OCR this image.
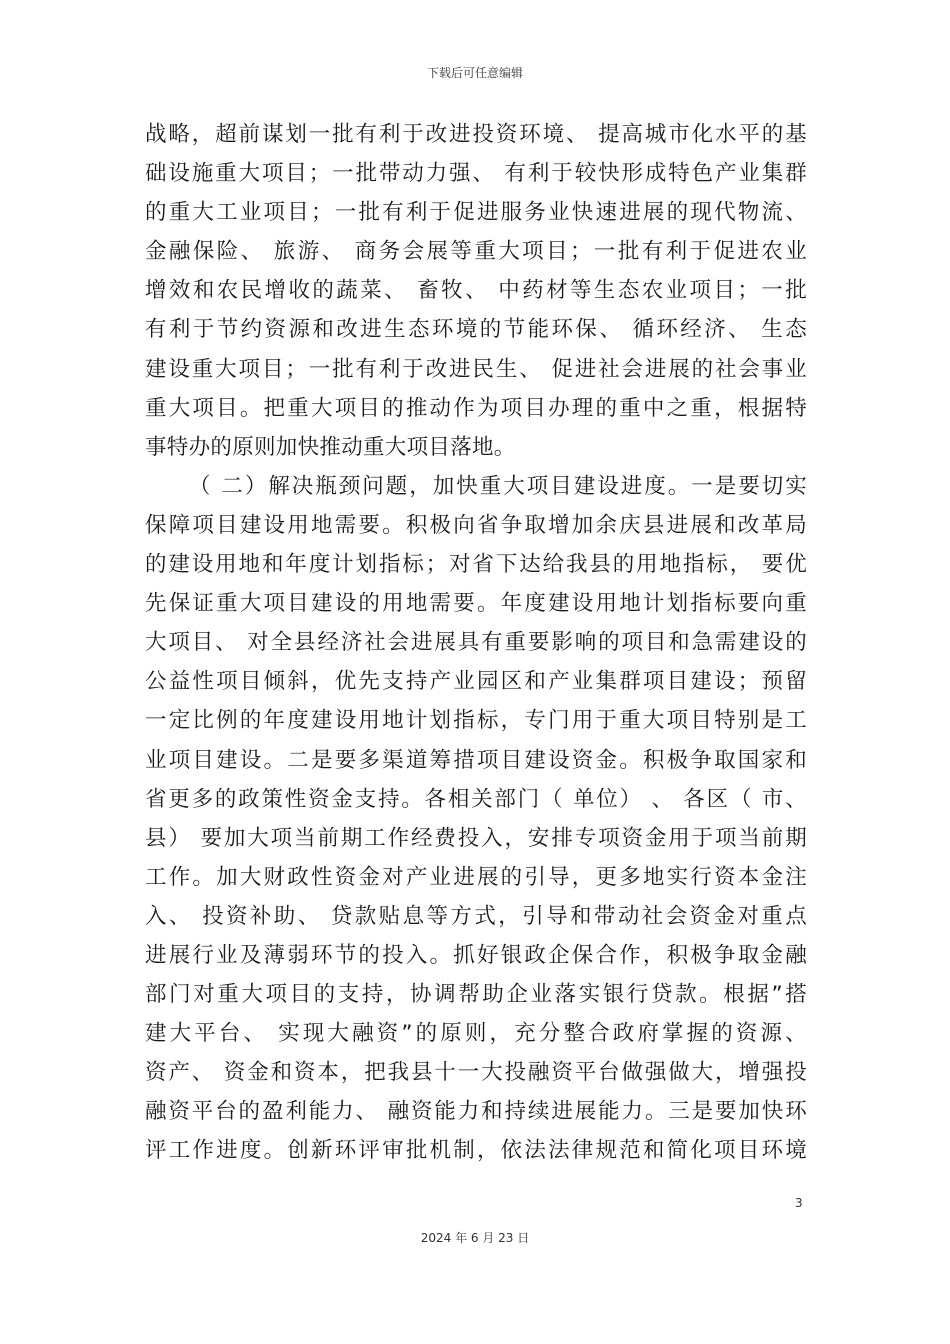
下载后可任意编辑
战略，超前谋划一批有利于改进投资环境、 提高城市化水平的基
础设施重大项目；一批带动力强、 有利于较快形成特色产业集群
的重大工业项目；一批有利于促进服务业快速进展的现代物流、
金融保险、 旅游、 商务会展等重大项目；一批有利于促进农业
增效和农民增收的蔬菜、 畜牧、 中药材等生态农业项目；一批
有利于节约资源和改进生态环境的节能环保、 循环经济、 生态
建设重大项目；一批有利于改进民生、 促进社会进展的社会事业
重大项目。把重大项目的推动作为项目办理的重中之重，根据特
事特办的原则加快推动重大项目落地。
（ 二）解决瓶颈问题，加快重大项目建设进度。一是要切实
保障项目建设用地需要。积极向省争取增加余庆县进展和改革局
的建设用地和年度计划指标；对省下达给我县的用地指标， 要优
先保证重大项目建设的用地需要。年度建设用地计划指标要向重
大项目、 对全县经济社会进展具有重要影响的项目和急需建设的
公益性项目倾斜，优先支持产业园区和产业集群项目建设；预留
一定比例的年度建设用地计划指标，专门用于重大项目特别是工
业项目建设。二是要多渠道筹措项目建设资金。积极争取国家和
省更多的政策性资金支持。各相关部门（ 单位） 、 各区（ 市、
县） 要加大项当前期工作经费投入，安排专项资金用于项当前期
工作。加大财政性资金对产业进展的引导，更多地实行资本金注
入、 投资补助、 贷款贴息等方式，引导和带动社会资金对重点
进展行业及薄弱环节的投入。抓好银政企保合作，积极争取金融
部门对重大项目的支持，协调帮助企业落实银行贷款。根据”搭
建大平台、 实现大融资”的原则，充分整合政府掌握的资源、
资产、 资金和资本，把我县十一大投融资平台做强做大，增强投
融资平台的盈利能力、 融资能力和持续进展能力。三是要加快环
评工作进度。创新环评审批机制，依法法律规范和简化项目环境
3
2024 年 6 月 23 日
